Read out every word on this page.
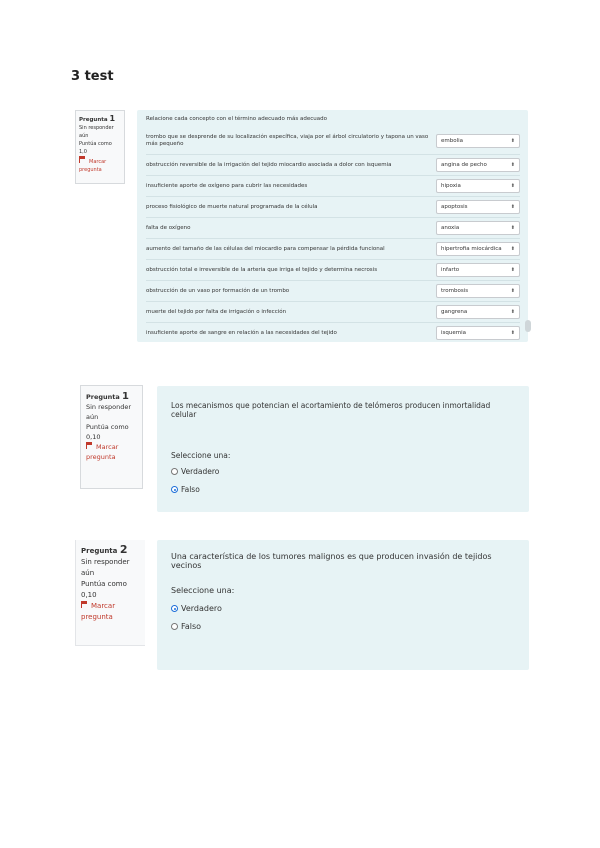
3 test
Pregunta 1
Sin responder aún
Puntúa como 1,0
Marcar pregunta
Relacione cada concepto con el término adecuado más adecuado
trombo que se desprende de su localización específica, viaja por el árbol circulatorio y tapona un vaso más pequeño	embolia	⬍
obstrucción reversible de la irrigación del tejido miocardio asociada a dolor con isquemia	angina de pecho	⬍
insuficiente aporte de oxígeno para cubrir las necesidades	hipoxia	⬍
proceso fisiológico de muerte natural programada de la célula	apoptosis	⬍
falta de oxígeno	anoxia	⬍
aumento del tamaño de las células del miocardio para compensar la pérdida funcional	hipertrofia miocárdica ⬍
obstrucción total e irreversible de la arteria que irriga el tejido y determina necrosis	infarto	⬍
obstrucción de un vaso por formación de un trombo	trombosis	⬍
muerte del tejido por falta de irrigación o infección	gangrena	⬍
insuficiente aporte de sangre en relación a las necesidades del tejido	isquemia	⬍
Pregunta 1
Sin responder aún
Puntúa como 0,10
Marcar pregunta
Los mecanismos que potencian el acortamiento de telómeros producen inmortalidad celular
Seleccione una:
Verdadero
Falso
Pregunta 2
Sin responder aún
Puntúa como 0,10
Marcar pregunta
Una característica de los tumores malignos es que producen invasión de tejidos vecinos
Seleccione una:
Verdadero
Falso
